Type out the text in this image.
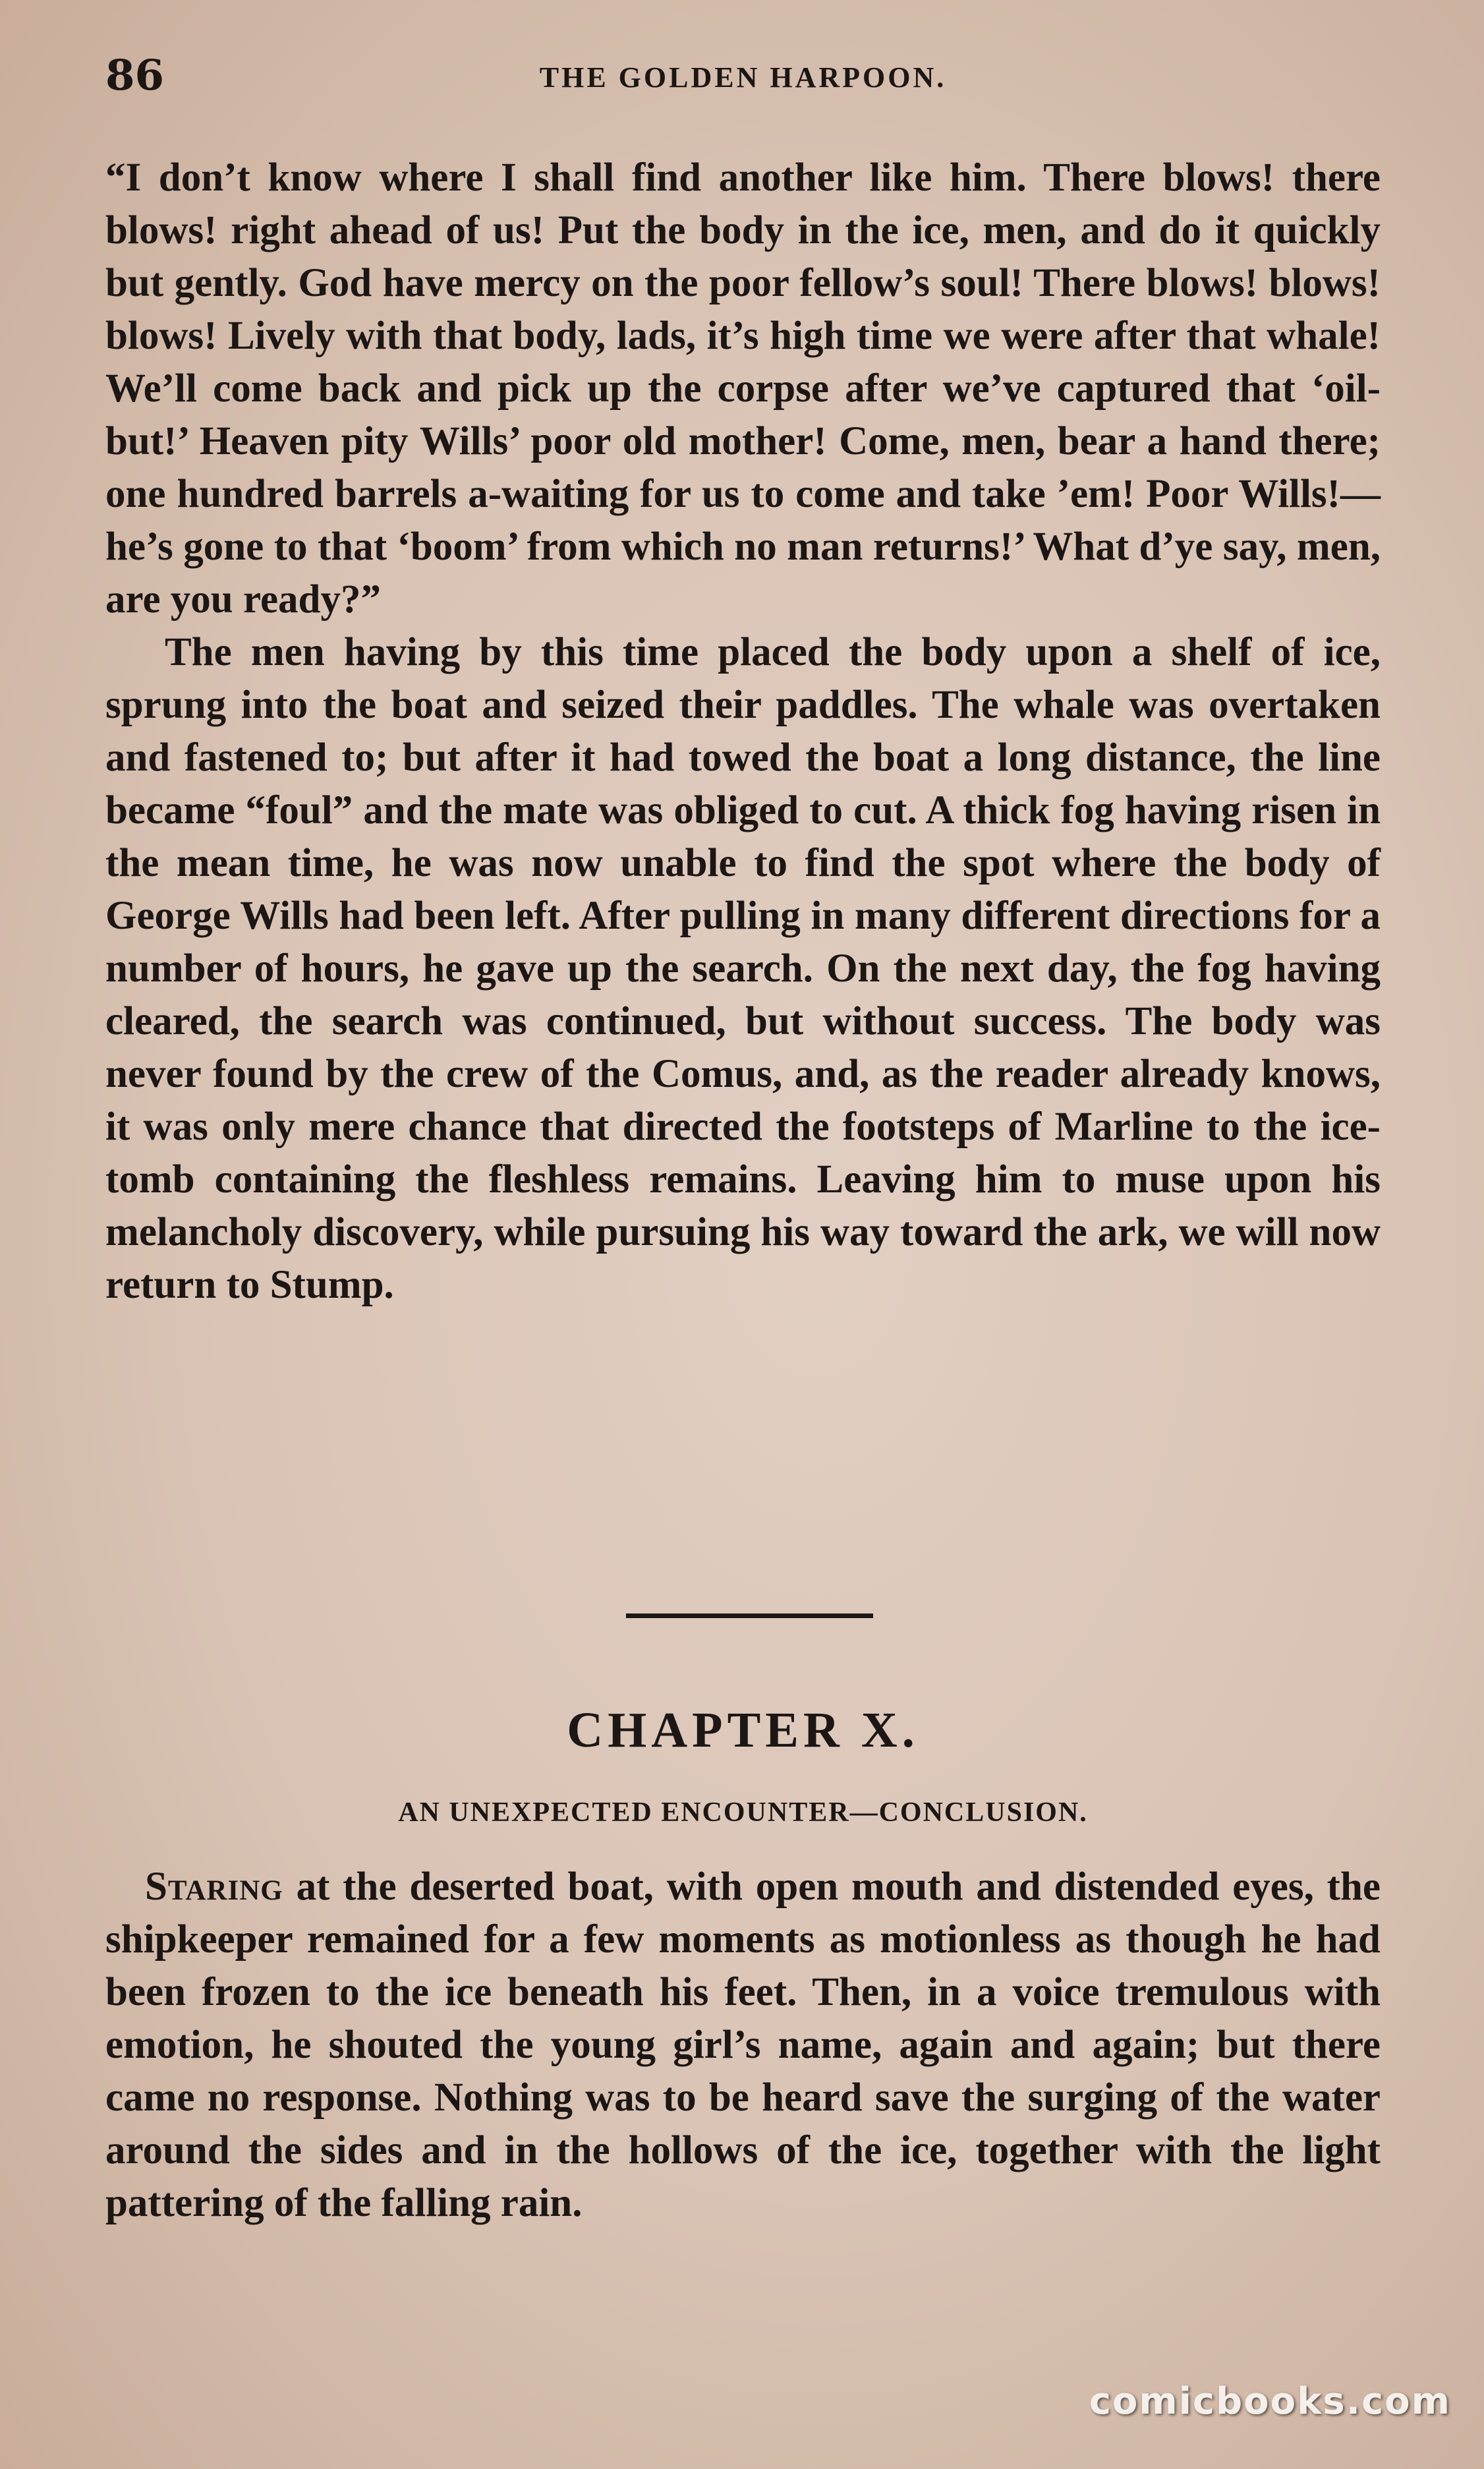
86	THE GOLDEN HARPOON.

“I don’t know where I shall find another like him. There blows! there blows! right ahead of us! Put the body in the ice, men, and do it quickly but gently. God have mercy on the poor fellow’s soul! There blows! blows! blows! Lively with that body, lads, it’s high time we were after that whale! We’ll come back and pick up the corpse after we’ve captured that ‘oil-but!’ Heaven pity Wills’ poor old mother! Come, men, bear a hand there; one hundred barrels a-waiting for us to come and take ’em! Poor Wills!—he’s gone to that ‘boom’ from which no man returns!’ What d’ye say, men, are you ready?”

The men having by this time placed the body upon a shelf of ice, sprung into the boat and seized their paddles. The whale was overtaken and fastened to; but after it had towed the boat a long distance, the line became “foul” and the mate was obliged to cut. A thick fog having risen in the mean time, he was now unable to find the spot where the body of George Wills had been left. After pulling in many different directions for a number of hours, he gave up the search. On the next day, the fog having cleared, the search was continued, but without success. The body was never found by the crew of the Comus, and, as the reader already knows, it was only mere chance that directed the footsteps of Marline to the ice-tomb containing the fleshless remains. Leaving him to muse upon his melancholy discovery, while pursuing his way toward the ark, we will now return to Stump.

CHAPTER X.
AN UNEXPECTED ENCOUNTER—CONCLUSION.
Staring at the deserted boat, with open mouth and distended eyes, the shipkeeper remained for a few moments as motionless as though he had been frozen to the ice beneath his feet. Then, in a voice tremulous with emotion, he shouted the young girl’s name, again and again; but there came no response. Nothing was to be heard save the surging of the water around the sides and in the hollows of the ice, together with the light pattering of the falling rain.
comicbooks.com
